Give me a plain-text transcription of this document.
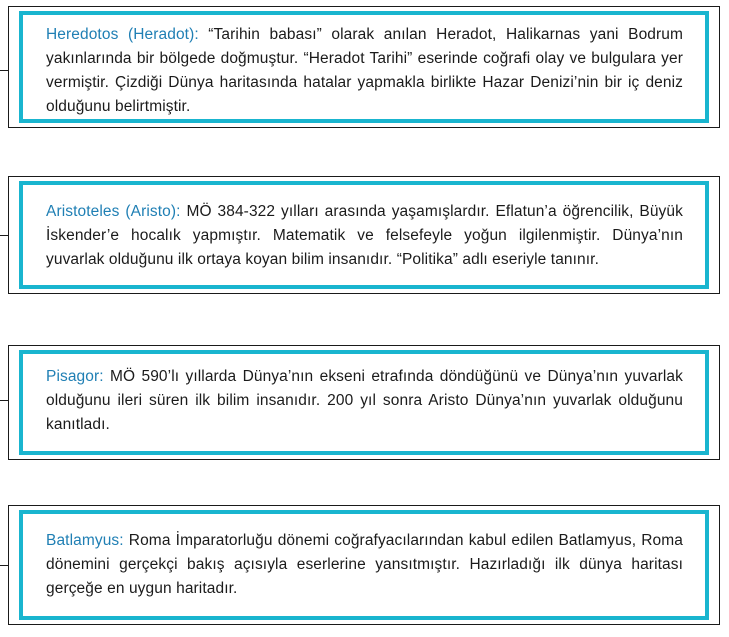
Heredotos (Heradot): “Tarihin babası” olarak anılan Heradot, Halikarnas yani Bodrum yakınlarında bir bölgede doğmuştur. “Heradot Tarihi” eserinde coğrafi olay ve bulgulara yer vermiştir. Çizdiği Dünya haritasında hatalar yapmakla birlikte Hazar Denizi’nin bir iç deniz olduğunu belirtmiştir.

Aristoteles (Aristo): MÖ 384-322 yılları arasında yaşamışlardır. Eflatun’a öğrencilik, Büyük İskender’e hocalık yapmıştır. Matematik ve felsefeyle yoğun ilgilenmiştir. Dünya’nın yuvarlak olduğunu ilk ortaya koyan bilim insanıdır. “Politika” adlı eseriyle tanınır.

Pisagor: MÖ 590’lı yıllarda Dünya’nın ekseni etrafında döndüğünü ve Dünya’nın yuvarlak olduğunu ileri süren ilk bilim insanıdır. 200 yıl sonra Aristo Dünya’nın yuvarlak olduğunu kanıtladı.

Batlamyus: Roma İmparatorluğu dönemi coğrafyacılarından kabul edilen Batlamyus, Roma dönemini gerçekçi bakış açısıyla eserlerine yansıtmıştır. Hazırladığı ilk dünya haritası gerçeğe en uygun haritadır.
